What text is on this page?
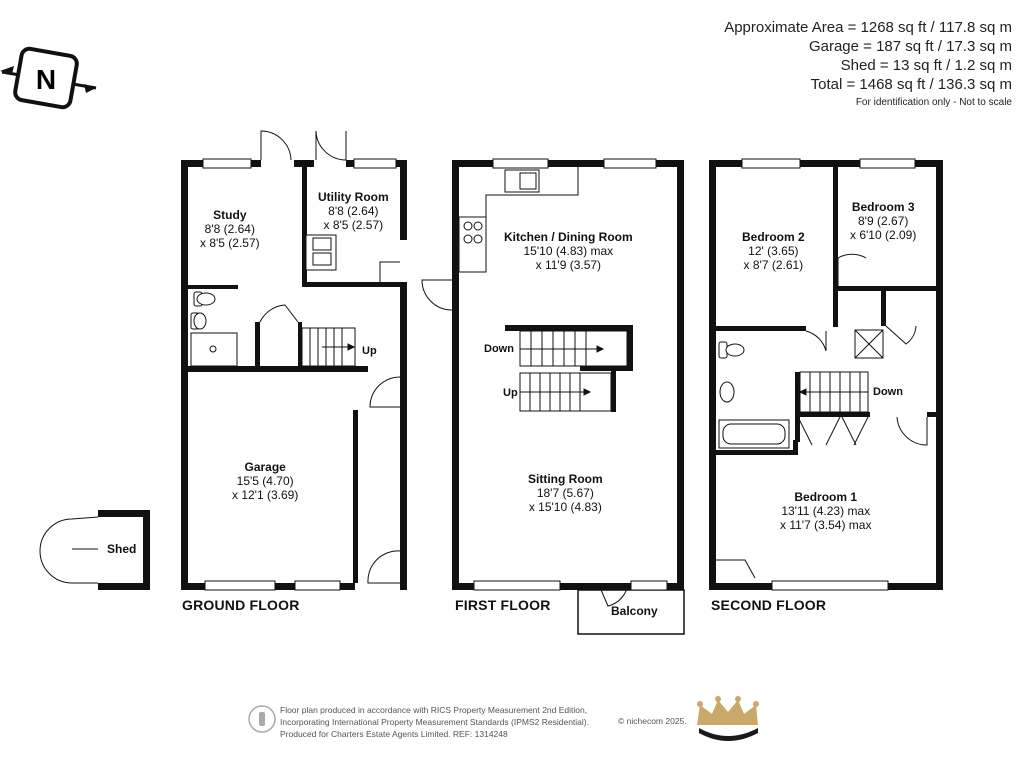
N
Approximate Area = 1268 sq ft / 117.8 sq m
Garage = 187 sq ft / 17.3 sq m
Shed = 13 sq ft / 1.2 sq m
Total = 1468 sq ft / 136.3 sq m
For identification only - Not to scale
Study
8'8 (2.64)
x 8'5 (2.57)
Utility Room
8'8 (2.64)
x 8'5 (2.57)
Garage
15'5 (4.70)
x 12'1 (3.69)
Shed
Kitchen / Dining Room
15'10 (4.83) max
x 11'9 (3.57)
Sitting Room
18'7 (5.67)
x 15'10 (4.83)
Balcony
Bedroom 2
12' (3.65)
x 8'7 (2.61)
Bedroom 3
8'9 (2.67)
x 6'10 (2.09)
Bedroom 1
13'11 (4.23) max
x 11'7 (3.54) max
Up	Down
Up	Down
GROUND FLOOR	FIRST FLOOR	SECOND FLOOR
Floor plan produced in accordance with RICS Property Measurement 2nd Edition,
Incorporating International Property Measurement Standards (IPMS2 Residential).
Produced for Charters Estate Agents Limited. REF: 1314248
© nichecom 2025.
